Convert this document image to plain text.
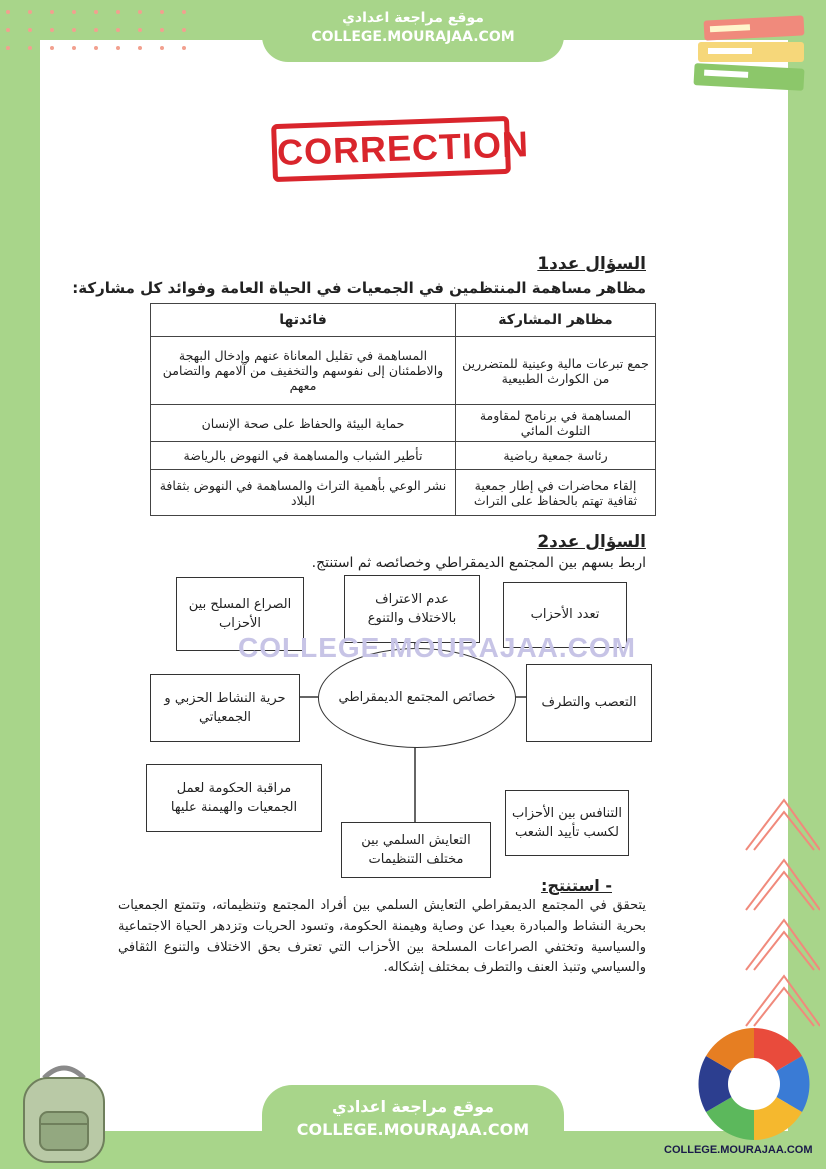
موقع مراجعة اعدادي
COLLEGE.MOURAJAA.COM
CORRECTION
السؤال عدد1
مظاهر مساهمة المنتظمين في الجمعيات في الحياة العامة وفوائد كل مشاركة:
مظاهر المشاركة	فائدتها
جمع تبرعات مالية وعينية للمتضررين من الكوارث الطبيعية	المساهمة في تقليل المعاناة عنهم وإدخال البهجة والاطمئنان إلى نفوسهم والتخفيف من آلامهم والتضامن معهم
المساهمة في برنامج لمقاومة التلوث المائي	حماية البيئة والحفاظ على صحة الإنسان
رئاسة جمعية رياضية	تأطير الشباب والمساهمة في النهوض بالرياضة
إلقاء محاضرات في إطار جمعية ثقافية تهتم بالحفاظ على التراث	نشر الوعي بأهمية التراث والمساهمة في النهوض بثقافة البلاد
السؤال عدد2
اربط بسهم بين المجتمع الديمقراطي وخصائصه ثم استنتج.
الصراع المسلح بين الأحزاب
عدم الاعتراف بالاختلاف والتنوع	تعدد الأحزاب
حرية النشاط الحزبي و الجمعياتي
خصائص المجتمع الديمقراطي	التعصب والتطرف
مراقبة الحكومة لعمل الجمعيات والهيمنة عليها	التنافس بين الأحزاب لكسب تأييد الشعب
التعايش السلمي بين مختلف التنظيمات
COLLEGE.MOURAJAA.COM
- استنتج:
يتحقق في المجتمع الديمقراطي التعايش السلمي بين أفراد المجتمع وتنظيماته، وتتمتع الجمعيات بحرية النشاط والمبادرة بعيدا عن وصاية وهيمنة الحكومة، وتسود الحريات وتزدهر الحياة الاجتماعية والسياسية وتختفي الصراعات المسلحة بين الأحزاب التي تعترف بحق الاختلاف والتنوع الثقافي والسياسي وتنبذ العنف والتطرف بمختلف إشكاله.
موقع مراجعة اعدادي
COLLEGE.MOURAJAA.COM
COLLEGE.MOURAJAA.COM
